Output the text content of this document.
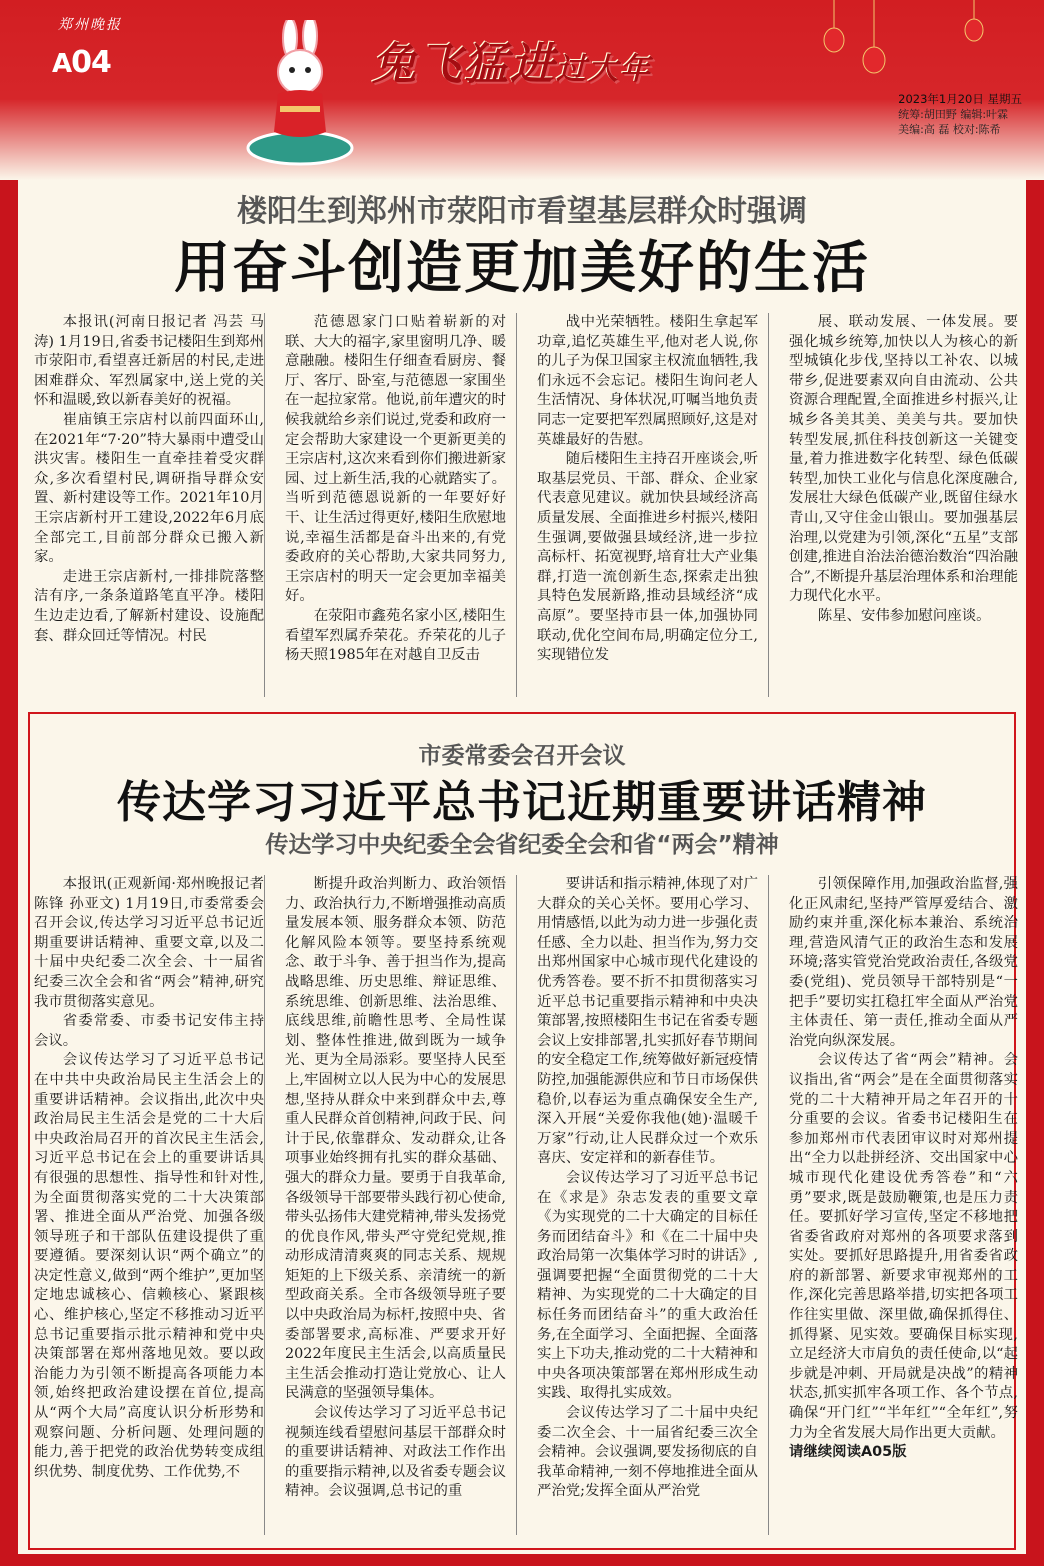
郑州晚报
A04	兔飞猛进过大年
2023年1月20日 星期五
统筹:胡田野 编辑:叶霖
美编:高 磊 校对:陈希
楼阳生到郑州市荥阳市看望基层群众时强调
用奋斗创造更加美好的生活

本报讯(河南日报记者 冯芸 马涛) 1月19日,省委书记楼阳生到郑州市荥阳市,看望喜迁新居的村民,走进困难群众、军烈属家中,送上党的关怀和温暖,致以新春美好的祝福。

崔庙镇王宗店村以前四面环山,在2021年“7·20”特大暴雨中遭受山洪灾害。楼阳生一直牵挂着受灾群众,多次看望村民,调研指导群众安置、新村建设等工作。2021年10月王宗店新村开工建设,2022年6月底全部完工,目前部分群众已搬入新家。

走进王宗店新村,一排排院落整洁有序,一条条道路笔直平净。楼阳生边走边看,了解新村建设、设施配套、群众回迁等情况。村民

范德恩家门口贴着崭新的对联、大大的福字,家里窗明几净、暖意融融。楼阳生仔细查看厨房、餐厅、客厅、卧室,与范德恩一家围坐在一起拉家常。他说,前年遭灾的时候我就给乡亲们说过,党委和政府一定会帮助大家建设一个更新更美的王宗店村,这次来看到你们搬进新家园、过上新生活,我的心就踏实了。当听到范德恩说新的一年要好好干、让生活过得更好,楼阳生欣慰地说,幸福生活都是奋斗出来的,有党委政府的关心帮助,大家共同努力,王宗店村的明天一定会更加幸福美好。

在荥阳市鑫苑名家小区,楼阳生看望军烈属乔荣花。乔荣花的儿子杨天照1985年在对越自卫反击

战中光荣牺牲。楼阳生拿起军功章,追忆英雄生平,他对老人说,你的儿子为保卫国家主权流血牺牲,我们永远不会忘记。楼阳生询问老人生活情况、身体状况,叮嘱当地负责同志一定要把军烈属照顾好,这是对英雄最好的告慰。

随后楼阳生主持召开座谈会,听取基层党员、干部、群众、企业家代表意见建议。就加快县域经济高质量发展、全面推进乡村振兴,楼阳生强调,要做强县域经济,进一步拉高标杆、拓宽视野,培育壮大产业集群,打造一流创新生态,探索走出独具特色发展新路,推动县域经济“成高原”。要坚持市县一体,加强协同联动,优化空间布局,明确定位分工,实现错位发

展、联动发展、一体发展。要强化城乡统筹,加快以人为核心的新型城镇化步伐,坚持以工补农、以城带乡,促进要素双向自由流动、公共资源合理配置,全面推进乡村振兴,让城乡各美其美、美美与共。要加快转型发展,抓住科技创新这一关键变量,着力推进数字化转型、绿色低碳转型,加快工业化与信息化深度融合,发展壮大绿色低碳产业,既留住绿水青山,又守住金山银山。要加强基层治理,以党建为引领,深化“五星”支部创建,推进自治法治德治数治“四治融合”,不断提升基层治理体系和治理能力现代化水平。

陈星、安伟参加慰问座谈。

市委常委会召开会议
传达学习习近平总书记近期重要讲话精神
传达学习中央纪委全会省纪委全会和省“两会”精神

本报讯(正观新闻·郑州晚报记者 陈锋 孙亚文) 1月19日,市委常委会召开会议,传达学习习近平总书记近期重要讲话精神、重要文章,以及二十届中央纪委二次全会、十一届省纪委三次全会和省“两会”精神,研究我市贯彻落实意见。

省委常委、市委书记安伟主持会议。

会议传达学习了习近平总书记在中共中央政治局民主生活会上的重要讲话精神。会议指出,此次中央政治局民主生活会是党的二十大后中央政治局召开的首次民主生活会,习近平总书记在会上的重要讲话具有很强的思想性、指导性和针对性,为全面贯彻落实党的二十大决策部署、推进全面从严治党、加强各级领导班子和干部队伍建设提供了重要遵循。要深刻认识“两个确立”的决定性意义,做到“两个维护”,更加坚定地忠诚核心、信赖核心、紧跟核心、维护核心,坚定不移推动习近平总书记重要指示批示精神和党中央决策部署在郑州落地见效。要以政治能力为引领不断提高各项能力本领,始终把政治建设摆在首位,提高从“两个大局”高度认识分析形势和观察问题、分析问题、处理问题的能力,善于把党的政治优势转变成组织优势、制度优势、工作优势,不

断提升政治判断力、政治领悟力、政治执行力,不断增强推动高质量发展本领、服务群众本领、防范化解风险本领等。要坚持系统观念、敢于斗争、善于担当作为,提高战略思维、历史思维、辩证思维、系统思维、创新思维、法治思维、底线思维,前瞻性思考、全局性谋划、整体性推进,做到既为一域争光、更为全局添彩。要坚持人民至上,牢固树立以人民为中心的发展思想,坚持从群众中来到群众中去,尊重人民群众首创精神,问政于民、问计于民,依靠群众、发动群众,让各项事业始终拥有扎实的群众基础、强大的群众力量。要勇于自我革命,各级领导干部要带头践行初心使命,带头弘扬伟大建党精神,带头发扬党的优良作风,带头严守党纪党规,推动形成清清爽爽的同志关系、规规矩矩的上下级关系、亲清统一的新型政商关系。全市各级领导班子要以中央政治局为标杆,按照中央、省委部署要求,高标准、严要求开好2022年度民主生活会,以高质量民主生活会推动打造让党放心、让人民满意的坚强领导集体。

会议传达学习了习近平总书记视频连线看望慰问基层干部群众时的重要讲话精神、对政法工作作出的重要指示精神,以及省委专题会议精神。会议强调,总书记的重

要讲话和指示精神,体现了对广大群众的关心关怀。要用心学习、用情感悟,以此为动力进一步强化责任感、全力以赴、担当作为,努力交出郑州国家中心城市现代化建设的优秀答卷。要不折不扣贯彻落实习近平总书记重要指示精神和中央决策部署,按照楼阳生书记在省委专题会议上安排部署,扎实抓好春节期间的安全稳定工作,统筹做好新冠疫情防控,加强能源供应和节日市场保供稳价,以春运为重点确保安全生产,深入开展“关爱你我他(她)·温暖千万家”行动,让人民群众过一个欢乐喜庆、安定祥和的新春佳节。

会议传达学习了习近平总书记在《求是》杂志发表的重要文章《为实现党的二十大确定的目标任务而团结奋斗》和《在二十届中央政治局第一次集体学习时的讲话》,强调要把握“全面贯彻党的二十大精神、为实现党的二十大确定的目标任务而团结奋斗”的重大政治任务,在全面学习、全面把握、全面落实上下功夫,推动党的二十大精神和中央各项决策部署在郑州形成生动实践、取得扎实成效。

会议传达学习了二十届中央纪委二次全会、十一届省纪委三次全会精神。会议强调,要发扬彻底的自我革命精神,一刻不停地推进全面从严治党;发挥全面从严治党

引领保障作用,加强政治监督,强化正风肃纪,坚持严管厚爱结合、激励约束并重,深化标本兼治、系统治理,营造风清气正的政治生态和发展环境;落实管党治党政治责任,各级党委(党组)、党员领导干部特别是“一把手”要切实扛稳扛牢全面从严治党主体责任、第一责任,推动全面从严治党向纵深发展。

会议传达了省“两会”精神。会议指出,省“两会”是在全面贯彻落实党的二十大精神开局之年召开的十分重要的会议。省委书记楼阳生在参加郑州市代表团审议时对郑州提出“全力以赴拼经济、交出国家中心城市现代化建设优秀答卷”和“六勇”要求,既是鼓励鞭策,也是压力责任。要抓好学习宣传,坚定不移地把省委省政府对郑州的各项要求落到实处。要抓好思路提升,用省委省政府的新部署、新要求审视郑州的工作,深化完善思路举措,切实把各项工作往实里做、深里做,确保抓得住、抓得紧、见实效。要确保目标实现,立足经济大市肩负的责任使命,以“起步就是冲刺、开局就是决战”的精神状态,抓实抓牢各项工作、各个节点,确保“开门红”“半年红”“全年红”,努力为全省发展大局作出更大贡献。

请继续阅读A05版
